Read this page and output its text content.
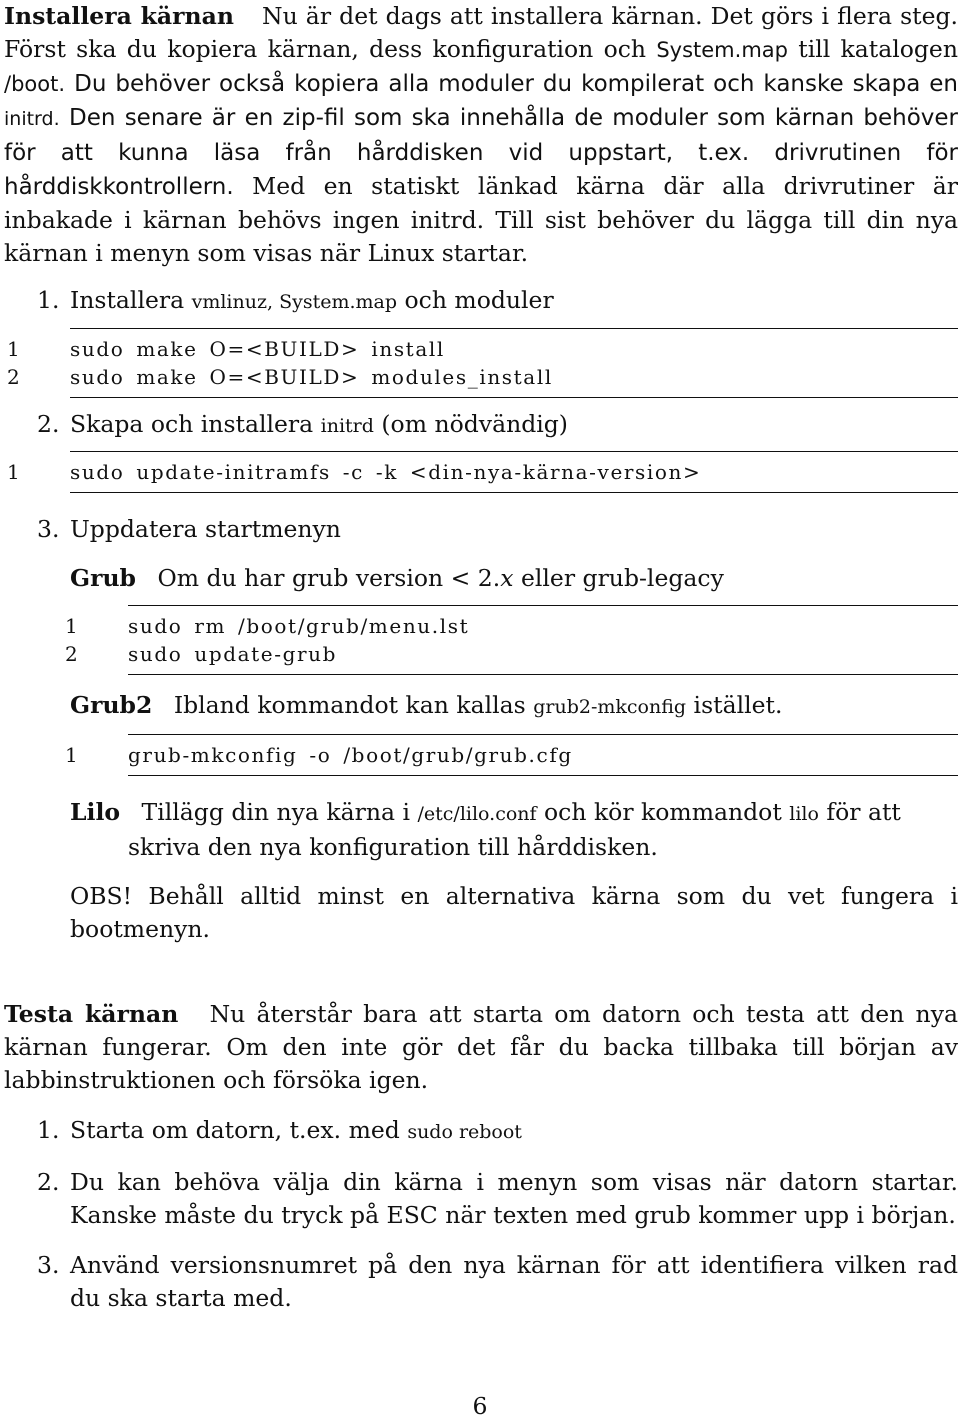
Installera kärnan Nu är det dags att installera kärnan. Det görs i flera steg. Först ska du kopiera kärnan, dess konfiguration och System.map till katalogen /boot. Du behöver också kopiera alla moduler du kompilerat och kanske skapa en initrd. Den senare är en zip-fil som ska innehålla de moduler som kärnan behöver för att kunna läsa från hårddisken vid uppstart, t.ex. drivrutinen för hårddiskkontrollern. Med en statiskt länkad kärna där alla drivrutiner är inbakade i kärnan behövs ingen initrd. Till sist behöver du lägga till din nya kärnan i menyn som visas när Linux startar.

1. Installera vmlinuz, System.map och moduler
1	sudo make O=<BUILD> install
2	sudo make O=<BUILD> modules_install
2. Skapa och installera initrd (om nödvändig)
1	sudo update-initramfs -c -k <din-nya-kärna-version>
3. Uppdatera startmenyn
Grub Om du har grub version < 2.x eller grub-legacy
1	sudo rm /boot/grub/menu.lst
2	sudo update-grub
Grub2 Ibland kommandot kan kallas grub2-mkconfig istället.
1	grub-mkconfig -o /boot/grub/grub.cfg
Lilo Tillägg din nya kärna i /etc/lilo.conf och kör kommandot lilo för att
skriva den nya konfiguration till hårddisken.
OBS! Behåll alltid minst en alternativa kärna som du vet fungera i bootmenyn.

Testa kärnan Nu återstår bara att starta om datorn och testa att den nya kärnan fungerar. Om den inte gör det får du backa tillbaka till början av labbinstruktionen och försöka igen.

1. Starta om datorn, t.ex. med sudo reboot
2. Du kan behöva välja din kärna i menyn som visas när datorn startar. Kanske måste du tryck på ESC när texten med grub kommer upp i början.
3. Använd versionsnumret på den nya kärnan för att identifiera vilken rad du ska starta med.
6
